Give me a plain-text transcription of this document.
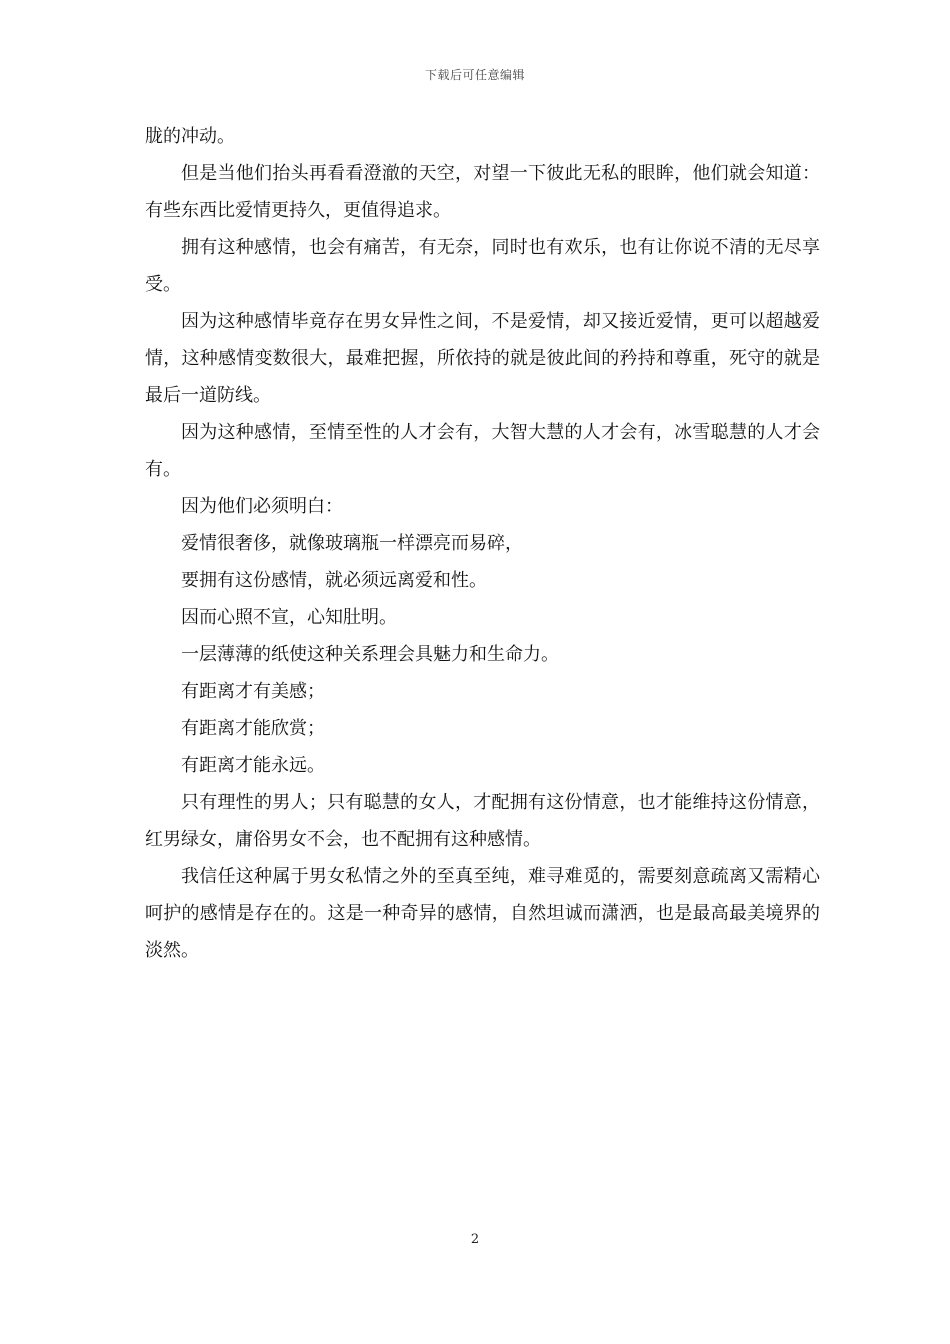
下载后可任意编辑

胧的冲动。

但是当他们抬头再看看澄澈的天空，对望一下彼此无私的眼眸，他们就会知道：有些东西比爱情更持久，更值得追求。

拥有这种感情，也会有痛苦，有无奈，同时也有欢乐，也有让你说不清的无尽享受。

因为这种感情毕竟存在男女异性之间，不是爱情，却又接近爱情，更可以超越爱情，这种感情变数很大，最难把握，所依持的就是彼此间的矜持和尊重，死守的就是最后一道防线。

因为这种感情，至情至性的人才会有，大智大慧的人才会有，冰雪聪慧的人才会有。

因为他们必须明白：

爱情很奢侈，就像玻璃瓶一样漂亮而易碎，

要拥有这份感情，就必须远离爱和性。

因而心照不宣，心知肚明。

一层薄薄的纸使这种关系理会具魅力和生命力。

有距离才有美感；

有距离才能欣赏；

有距离才能永远。

只有理性的男人；只有聪慧的女人，才配拥有这份情意，也才能维持这份情意，红男绿女，庸俗男女不会，也不配拥有这种感情。

我信任这种属于男女私情之外的至真至纯，难寻难觅的，需要刻意疏离又需精心呵护的感情是存在的。这是一种奇异的感情，自然坦诚而潇洒，也是最高最美境界的淡然。

2
